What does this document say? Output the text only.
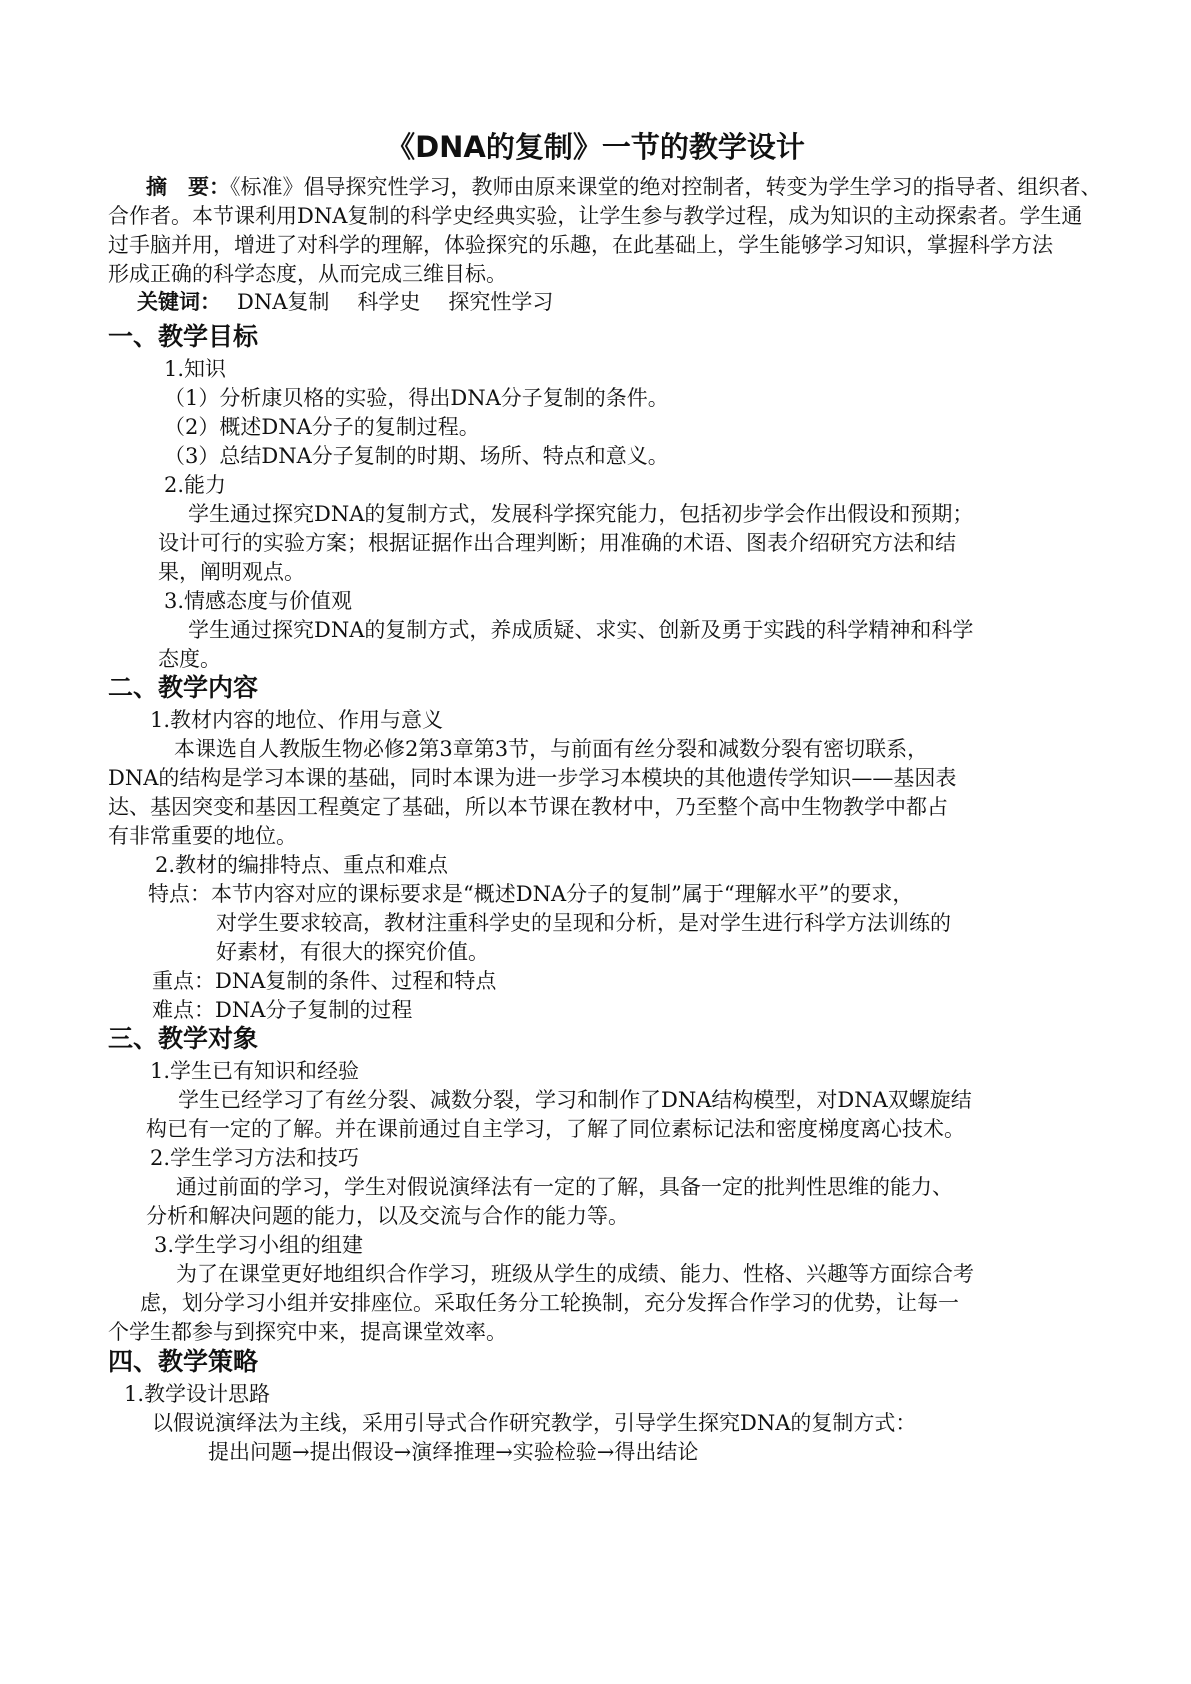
《DNA的复制》一节的教学设计
摘　要：《标准》倡导探究性学习，教师由原来课堂的绝对控制者，转变为学生学习的指导者、组织者、
合作者。本节课利用DNA复制的科学史经典实验，让学生参与教学过程，成为知识的主动探索者。学生通
过手脑并用，增进了对科学的理解，体验探究的乐趣，在此基础上，学生能够学习知识，掌握科学方法
形成正确的科学态度，从而完成三维目标。
关键词： DNA复制 科学史 探究性学习
一、教学目标
1.知识
（1）分析康贝格的实验，得出DNA分子复制的条件。
（2）概述DNA分子的复制过程。
（3）总结DNA分子复制的时期、场所、特点和意义。
2.能力
学生通过探究DNA的复制方式，发展科学探究能力，包括初步学会作出假设和预期；
设计可行的实验方案；根据证据作出合理判断；用准确的术语、图表介绍研究方法和结
果，阐明观点。
3.情感态度与价值观
学生通过探究DNA的复制方式，养成质疑、求实、创新及勇于实践的科学精神和科学
态度。
二、教学内容
1.教材内容的地位、作用与意义
本课选自人教版生物必修2第3章第3节，与前面有丝分裂和减数分裂有密切联系，
DNA的结构是学习本课的基础，同时本课为进一步学习本模块的其他遗传学知识——基因表
达、基因突变和基因工程奠定了基础，所以本节课在教材中，乃至整个高中生物教学中都占
有非常重要的地位。
2.教材的编排特点、重点和难点
特点：本节内容对应的课标要求是“概述DNA分子的复制”属于“理解水平”的要求，
对学生要求较高，教材注重科学史的呈现和分析，是对学生进行科学方法训练的
好素材，有很大的探究价值。
重点：DNA复制的条件、过程和特点
难点：DNA分子复制的过程
三、教学对象
1.学生已有知识和经验
学生已经学习了有丝分裂、减数分裂，学习和制作了DNA结构模型，对DNA双螺旋结
构已有一定的了解。并在课前通过自主学习，了解了同位素标记法和密度梯度离心技术。
2.学生学习方法和技巧
通过前面的学习，学生对假说演绎法有一定的了解，具备一定的批判性思维的能力、
分析和解决问题的能力，以及交流与合作的能力等。
3.学生学习小组的组建
为了在课堂更好地组织合作学习，班级从学生的成绩、能力、性格、兴趣等方面综合考
虑，划分学习小组并安排座位。采取任务分工轮换制，充分发挥合作学习的优势，让每一
个学生都参与到探究中来，提高课堂效率。
四、教学策略
1.教学设计思路
以假说演绎法为主线，采用引导式合作研究教学，引导学生探究DNA的复制方式：
提出问题→提出假设→演绎推理→实验检验→得出结论
